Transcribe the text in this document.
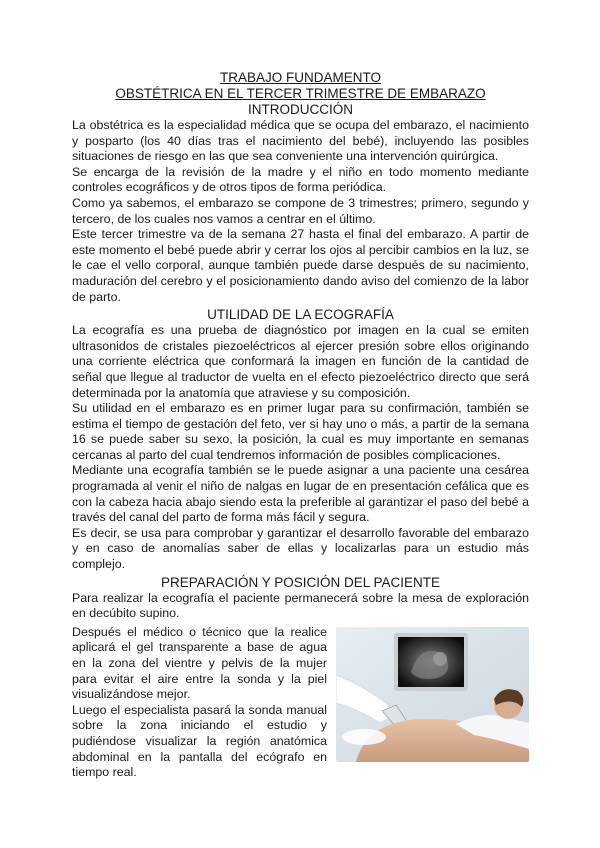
TRABAJO FUNDAMENTO
OBSTÉTRICA EN EL TERCER TRIMESTRE DE EMBARAZO
INTRODUCCIÓN

La obstétrica es la especialidad médica que se ocupa del embarazo, el nacimiento y posparto (los 40 días tras el nacimiento del bebé), incluyendo las posibles situaciones de riesgo en las que sea conveniente una intervención quirúrgica.

Se encarga de la revisión de la madre y el niño en todo momento mediante controles ecográficos y de otros tipos de forma periódica.

Como ya sabemos, el embarazo se compone de 3 trimestres; primero, segundo y tercero, de los cuales nos vamos a centrar en el último.

Este tercer trimestre va de la semana 27 hasta el final del embarazo. A partir de este momento el bebé puede abrir y cerrar los ojos al percibir cambios en la luz, se le cae el vello corporal, aunque también puede darse después de su nacimiento, maduración del cerebro y el posicionamiento dando aviso del comienzo de la labor de parto.

UTILIDAD DE LA ECOGRAFÍA

La ecografía es una prueba de diagnóstico por imagen en la cual se emiten ultrasonidos de cristales piezoeléctricos al ejercer presión sobre ellos originando una corriente eléctrica que conformará la imagen en función de la cantidad de señal que llegue al traductor de vuelta en el efecto piezoeléctrico directo que será determinada por la anatomía que atraviese y su composición.

Su utilidad en el embarazo es en primer lugar para su confirmación, también se estima el tiempo de gestación del feto, ver si hay uno o más, a partir de la semana 16 se puede saber su sexo, la posición, la cual es muy importante en semanas cercanas al parto del cual tendremos información de posibles complicaciones.

Mediante una ecografía también se le puede asignar a una paciente una cesárea programada al venir el niño de nalgas en lugar de en presentación cefálica que es con la cabeza hacia abajo siendo esta la preferible al garantizar el paso del bebé a través del canal del parto de forma más fácil y segura.

Es decir, se usa para comprobar y garantizar el desarrollo favorable del embarazo y en caso de anomalías saber de ellas y localizarlas para un estudio más complejo.

PREPARACIÓN Y POSICIÓN DEL PACIENTE

Para realizar la ecografía el paciente permanecerá sobre la mesa de exploración en decúbito supino.

Después el médico o técnico que la realice aplicará el gel transparente a base de agua en la zona del vientre y pelvis de la mujer para evitar el aire entre la sonda y la piel visualizándose mejor.

Luego el especialista pasará la sonda manual sobre la zona iniciando el estudio y pudiéndose visualizar la región anatómica abdominal en la pantalla del ecógrafo en tiempo real.
